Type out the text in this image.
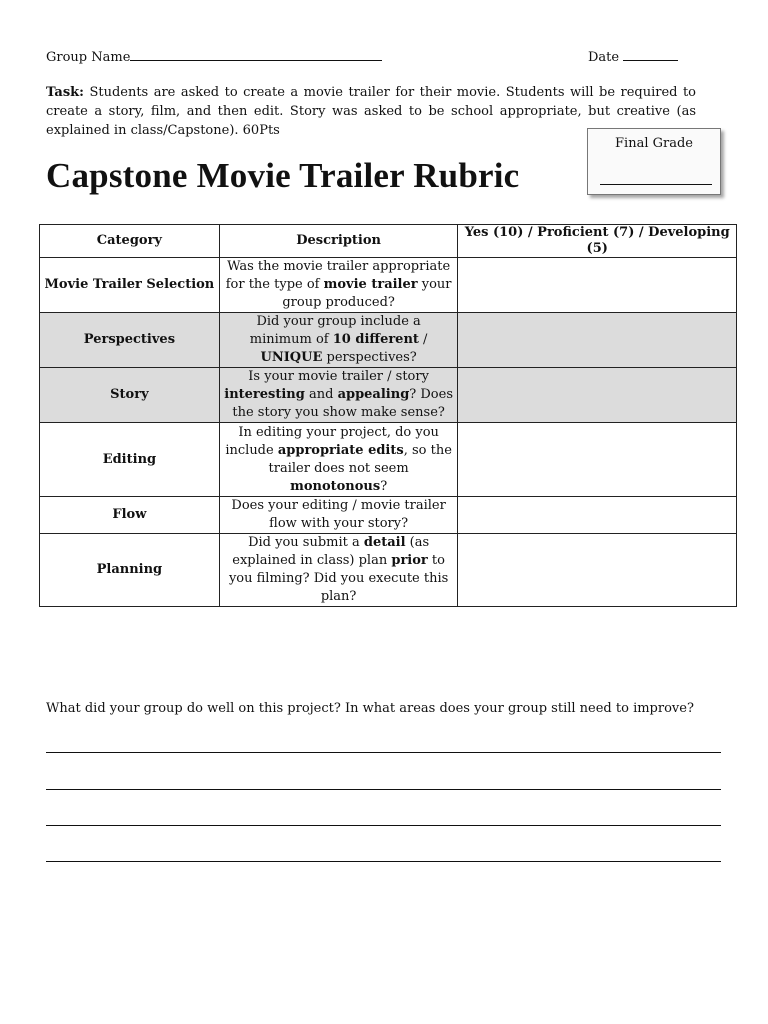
Group Name	Date
Task: Students are asked to create a movie trailer for their movie. Students will be required to create a story, film, and then edit. Story was asked to be school appropriate, but creative (as explained in class/Capstone). 60Pts
Final Grade
Capstone Movie Trailer Rubric
Category	Description	Yes (10) / Proficient (7) / Developing (5)
Movie Trailer Selection	Was the movie trailer appropriate for the type of movie trailer your group produced?	
Perspectives	Did your group include a minimum of 10 different / UNIQUE perspectives?	
Story	Is your movie trailer / story interesting and appealing? Does the story you show make sense?	
Editing	In editing your project, do you include appropriate edits, so the trailer does not seem monotonous?	
Flow	Does your editing / movie trailer flow with your story?	
Planning	Did you submit a detail (as explained in class) plan prior to you filming? Did you execute this plan?	
What did your group do well on this project? In what areas does your group still need to improve?
